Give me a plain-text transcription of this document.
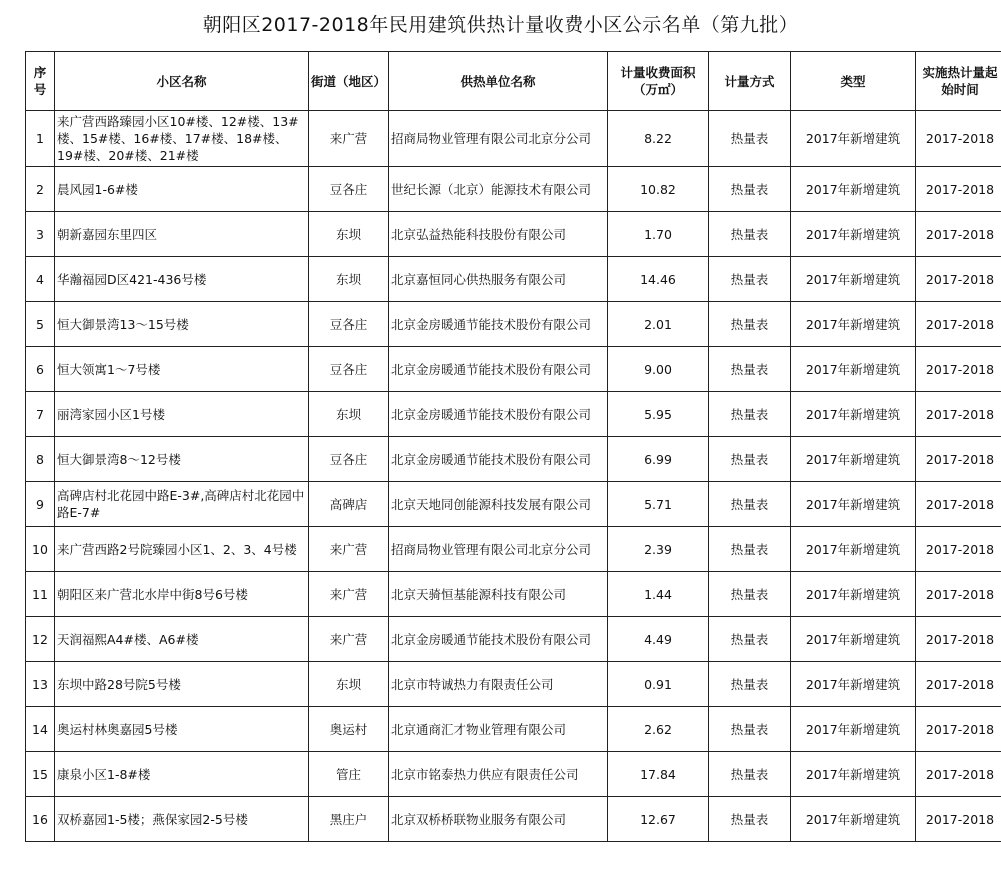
朝阳区2017-2018年民用建筑供热计量收费小区公示名单（第九批）
序号	小区名称	街道（地区）	供热单位名称	计量收费面积（万㎡）	计量方式	类型	实施热计量起始时间
1	来广营西路臻园小区10#楼、12#楼、13#楼、15#楼、16#楼、17#楼、18#楼、19#楼、20#楼、21#楼	来广营	招商局物业管理有限公司北京分公司	8.22	热量表	2017年新增建筑	2017-2018
2	晨风园1-6#楼	豆各庄	世纪长源（北京）能源技术有限公司	10.82	热量表	2017年新增建筑	2017-2018
3	朝新嘉园东里四区	东坝	北京弘益热能科技股份有限公司	1.70	热量表	2017年新增建筑	2017-2018
4	华瀚福园D区421-436号楼	东坝	北京嘉恒同心供热服务有限公司	14.46	热量表	2017年新增建筑	2017-2018
5	恒大御景湾13～15号楼	豆各庄	北京金房暖通节能技术股份有限公司	2.01	热量表	2017年新增建筑	2017-2018
6	恒大领寓1～7号楼	豆各庄	北京金房暖通节能技术股份有限公司	9.00	热量表	2017年新增建筑	2017-2018
7	丽湾家园小区1号楼	东坝	北京金房暖通节能技术股份有限公司	5.95	热量表	2017年新增建筑	2017-2018
8	恒大御景湾8～12号楼	豆各庄	北京金房暖通节能技术股份有限公司	6.99	热量表	2017年新增建筑	2017-2018
9	高碑店村北花园中路E-3#,高碑店村北花园中路E-7#	高碑店	北京天地同创能源科技发展有限公司	5.71	热量表	2017年新增建筑	2017-2018
10	来广营西路2号院臻园小区1、2、3、4号楼	来广营	招商局物业管理有限公司北京分公司	2.39	热量表	2017年新增建筑	2017-2018
11	朝阳区来广营北水岸中街8号6号楼	来广营	北京天骑恒基能源科技有限公司	1.44	热量表	2017年新增建筑	2017-2018
12	天润福熙A4#楼、A6#楼	来广营	北京金房暖通节能技术股份有限公司	4.49	热量表	2017年新增建筑	2017-2018
13	东坝中路28号院5号楼	东坝	北京市特诚热力有限责任公司	0.91	热量表	2017年新增建筑	2017-2018
14	奥运村林奥嘉园5号楼	奥运村	北京通商汇才物业管理有限公司	2.62	热量表	2017年新增建筑	2017-2018
15	康泉小区1-8#楼	管庄	北京市铭泰热力供应有限责任公司	17.84	热量表	2017年新增建筑	2017-2018
16	双桥嘉园1-5楼；燕保家园2-5号楼	黑庄户	北京双桥桥联物业服务有限公司	12.67	热量表	2017年新增建筑	2017-2018
